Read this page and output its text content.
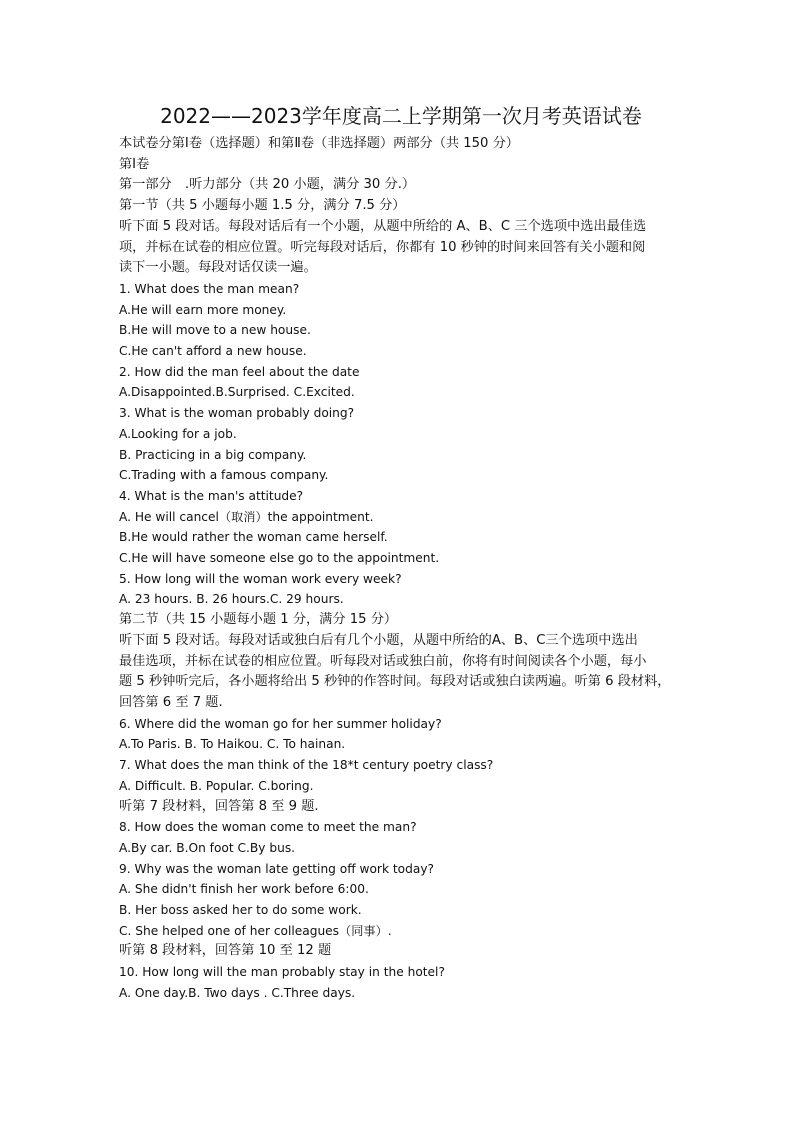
2022——2023学年度高二上学期第一次月考英语试卷

本试卷分第Ⅰ卷（选择题）和第Ⅱ卷（非选择题）两部分（共 150 分）

第Ⅰ卷

第一部分　.听力部分（共 20 小题，满分 30 分.）

第一节（共 5 小题每小题 1.5 分，满分 7.5 分）

听下面 5 段对话。每段对话后有一个小题，从题中所给的 A、B、C 三个选项中选出最佳选

项，并标在试卷的相应位置。听完每段对话后，你都有 10 秒钟的时间来回答有关小题和阅

读下一小题。每段对话仅读一遍。

1. What does the man mean?

A.He will earn more money.

B.He will move to a new house.

C.He can't afford a new house.

2. How did the man feel about the date

A.Disappointed.B.Surprised. C.Excited.

3. What is the woman probably doing?

A.Looking for a job.

B. Practicing in a big company.

C.Trading with a famous company.

4. What is the man's attitude?

A. He will cancel（取消）the appointment.

B.He would rather the woman came herself.

C.He will have someone else go to the appointment.

5. How long will the woman work every week?

A. 23 hours. B. 26 hours.C. 29 hours.

第二节（共 15 小题每小题 1 分，满分 15 分）

听下面 5 段对话。每段对话或独白后有几个小题，从题中所给的A、B、C三个选项中选出

最佳选项，并标在试卷的相应位置。听每段对话或独白前，你将有时间阅读各个小题，每小

题 5 秒钟听完后，各小题将给出 5 秒钟的作答时间。每段对话或独白读两遍。听第 6 段材料，

回答第 6 至 7 题.

6. Where did the woman go for her summer holiday?

A.To Paris. B. To Haikou. C. To hainan.

7. What does the man think of the 18*t century poetry class?

A. Difficult. B. Popular. C.boring.

听第 7 段材料，回答第 8 至 9 题.

8. How does the woman come to meet the man?

A.By car. B.On foot C.By bus.

9. Why was the woman late getting off work today?

A. She didn't finish her work before 6:00.

B. Her boss asked her to do some work.

C. She helped one of her colleagues（同事）.

听第 8 段材料，回答第 10 至 12 题

10. How long will the man probably stay in the hotel?

A. One day.B. Two days . C.Three days.
